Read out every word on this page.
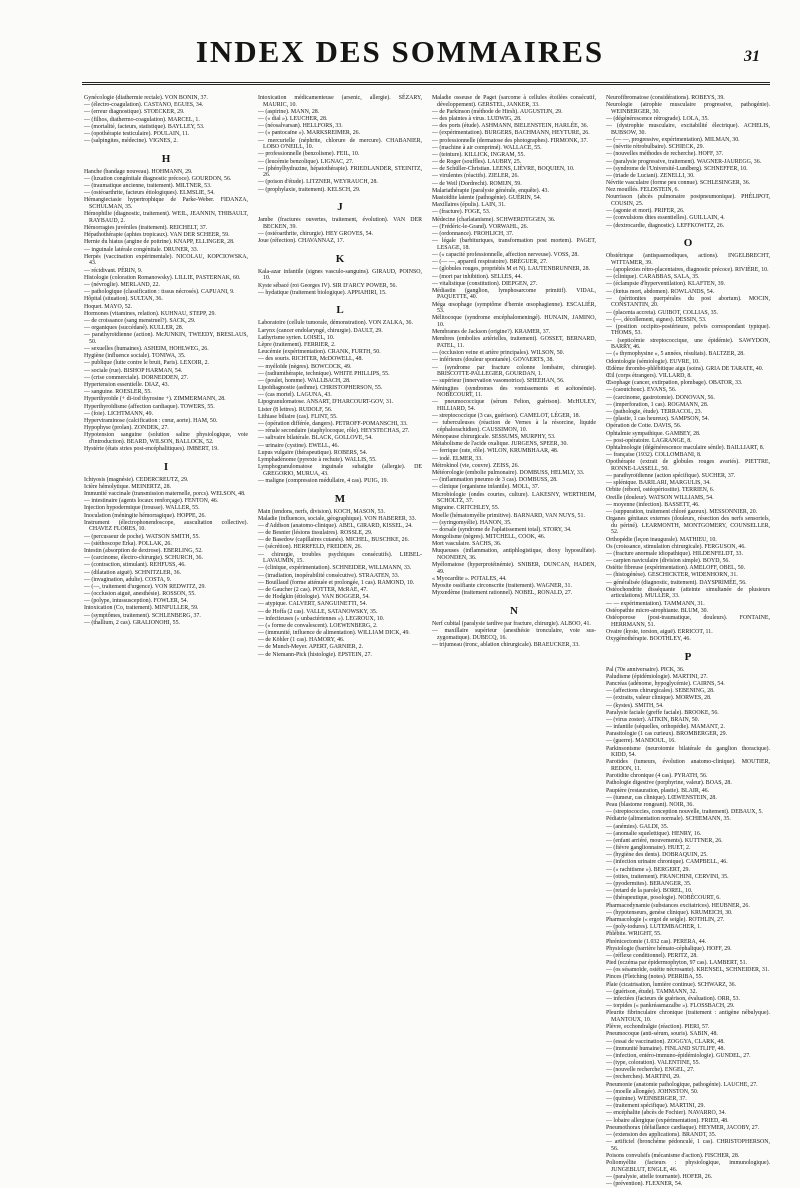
INDEX DES SOMMAIRES	31
Gynécologie (diathermie rectale). VON BONIN, 37.
— (électro-coagulation). CASTANO, EGUES, 34.
— (erreur diagnostique). STOECKER, 29.
— (filhos, diathermo-coagulation). MARCEL, 1.
— (mortalité, facteurs, statistique). BAYLLEY, 53.
— (opothérapie testiculaire). POULAIN, 11.
— (salpingites, médecine). VIGNES, 2.
H
Hanche (bandage nouveau). HOHMANN, 29.
— (luxation congénitale diagnostic précoce). GOURDON, 56.
— (traumatique ancienne, traitement). MILTNER, 53.
— (ostéoarthrite, facteurs étiologiques). ELMSLIE, 54.
Hémangiectasie hypertrophique de Parke-Weber. FIDANZA, SCHULMAN, 35.
Hémophilie (diagnostic, traitement). WEIL, JEANNIN, THIBAULT, RAYBAUD, 2.
Hémorragies juvéniles (traitement). REICHELT, 37.
Hépathothérapie (aphtes tropicaux). VAN DER SCHEER, 59.
Hernie du hiatus (angine de poitrine). KNAPP, ELLINGER, 28.
— inguinale latérale congénitale. DRUNER, 33.
Herpès (vaccination expérimentale). NICOLAU, KOPCIOWSKA, 43.
— récidivant. PÉRIN, 9.
Histologie (coloration Romanowsky). LILLIE, PASTERNAK, 60.
— (névroglie). MERLAND, 22.
— pathologique (classification : tissus nécrosés). CAPUANI, 9.
Hôpital (situation). SULTAN, 36.
Hoquet. MAYO, 52.
Hormones (vitamines, relation). KUHNAU, STEPP, 29.
— de croissance (sang menstruel?). SACK, 29.
— organiques (succédané). KULLER, 28.
— parathyroïdienne (action). McJUNKIN, TWEEDY, BRESLAUS, 50.
— sexuelles (humaines). ASHEIM, HOHLWEG, 26.
Hygiène (influence sociale). TONIWA, 35.
— publique (lutte contre le bruit, Paris). LEXOIR, 2.
— sociale (rue). BISHOP HARMAN, 54.
— (crise commerciale). DORNEDDEN, 27.
Hypertension essentielle. DIAZ, 43.
— sanguine. ROESLER, 55.
Hyperthyroïde (+ di-iod thyrosine +). ZIMMERMANN, 28.
Hyperthyroïdisme (affection cardiaque). TOWERS, 55.
— (foie). LICHTMANN, 49.
Hyperviraminose (calcification : cœur, aorte). HAM, 50.
Hypophyse (prolan). ZONDEK, 27.
Hypotension sanguine (solution saline physiologique, voie d'introduction). BEARD, WILSON, BALLOCK, 52.
Hystérie (états stries post-encéphalitiques). IMBERT, 19.
I
Ichtyosis (magnésie). CEDERCREUTZ, 29.
Ictère hémolytique. MEINERTZ, 28.
Immunité vaccinale (transmission maternelle, porcs). WELSON, 48.
— intestinaire (agents locaux renforçage). FENTON, 46.
Injection hypodermique (trousse). WALLER, 55.
Inoculation (méningite hémorragique). HOPPE, 26.
Instrument (électrophonendoscope, auscultation collective). CHAVEZ FLORES, 10.
— (percusseur de poche). WATSON SMITH, 55.
— (stéthoscope Erka). POLLAK, 26.
Intestin (absorption de dextrose). EBERLING, 52.
— (carcinome, électro-chirurgie). SCHURCH, 36.
— (contraction, stimulant). REHFUSS, 46.
— (dilatation aiguë). SCHNITZLER, 36.
— (invagination, adulte). COSTA, 9.
— (—, traitement d'urgence). VON REDWITZ, 29.
— (occlusion aiguë, anesthésie). ROSSON, 55.
— (polype, intussusception). FOWLER, 54.
Intoxication (Co, traitement). MINFULLER, 59.
— (symptômes, traitement). SCHLENBERG, 37.
— (thallium, 2 cas). GRALIONOHI, 55.
Intoxication médicamenteuse (arsenic, allergie). SÉZARY, MAURIC, 10.
— (aspirine). MANN, 28.
— (« dial »). LEUCHER, 28.
— (néosalvarsan). HELLFORS, 33.
— (« pantocaïne »). MARKSREIMER, 26.
— mercurielle (néphrite, chlorure de mercure). CHABANIER, LOBO O'NEILL, 10.
— professionnelle (benzolisme). FEIL, 10.
— (leucémie benzolique). LIGNAC, 27.
— (phénylhydrazine, hépatothérapie). FRIEDLANDER, STEINITZ, 26.
— (poison d'étude). LITZNER, WEYRAUCH, 28.
— (prophylaxie, traitement). KELSCH, 29.
J
Jambe (fractures ouvertes, traitement, évolution). VAN DER BECKEN, 39.
— (ostéoarthrite, chirurgie). HEY GROVES, 54.
Joue (réfection). CHAVANNAZ, 17.
K
Kala-azar infantile (signes vasculo-sanguins). GIRAUD, POINSO, 10.
Kyste sébacé (roi Georges IV). SIR D'ARCY POWER, 56.
— hydatique (traitement biologique). APPIAHIRI, 15.
L
Laboratoire (cellule tumorale, démonstration). VON ZALKA, 36.
Larynx (cancer endolaryngé, chirurgie). DAULT, 29.
Lathyrisme syrien. LOISEL, 10.
Lèpre (traitement). FERRIER, 2.
Leucémie (expérimentation). CRANK, FURTH, 50.
— des souris. RICHTER, McDOWELL, 48.
— myéloïde (nègres). BOWCOCK, 49.
— (radiumthérapie, technique). WHITE PHILLIPS, 55.
— (poulet, homme). WALLBACH, 28.
Lipoïdiagnostie (asthme). CHRISTOPHERSON, 55.
— (cas mortel). LAGUNA, 43.
Lipogranulomatose. ANSART, D'HARCOURT-GOV, 31.
Lister (8 lettres). RUDOLF, 56.
Lithiase biliaire (cas). FLINT, 55.
— (opération différée, dangers). PETROFF-POMANSCHI, 33.
— rénale secondaire (staphylocoque, rôle). HEYSTECHAS, 27.
— salivaire bilatérale. BLACK, GOLLOVE, 54.
— urinaire (cystine). EWELL, 46.
Lupus vulgaire (thérapeutique). ROBERS, 54.
Lymphadénome (pyrexie à rechute). WALLIS, 55.
Lymphogranulomatose inguinale subaigüe (allergie). DE GREGORIO, MURUA, 43.
— maligne (compression médullaire, 4 cas). PUIG, 19.
M
Main (tendons, nerfs, division). KOCH, MASON, 53.
Maladie (influences, sociale, géographique). VON HABERER, 33.
— d'Addison (anatomo-clinique). ABEL, GIRARD, KISSEL, 24.
— de Besnier (lésions tissulaires). ROSSLE, 29.
— de Basedow (capillaires cutanés). MICHEL, BUSCHKE, 26.
— (sécrétion). HERRFELD, FREIDEN, 26.
— chirurgie, troubles psychiques consécutifs). LIEBEL-LAVAUMIN, 15.
— (clinique, expérimentation). SCHNEIDER, WILLMANN, 33.
— (irradiation, inopérabilité consécutive). STRAATEN, 33.
— Bouillaud (forme atténuée et prolongée, 1 cas). RAMOND, 10.
— de Gaucher (2 cas). POTTER, McRAE, 47.
— de Hodgkin (étiologie). VAN BOGGER, 54.
— atypique. CALVERT, SANGUINETTI, 54.
— de Hoffa (2 cas). VALLE, SATANOWSKY, 35.
— infectieuses (« unbactériennes »). LEGROUX, 10.
— (« forme de convalescent). LOEWENBERG, 2.
— (immunité, influence de alimentation). WILLIAM DICK, 49.
— de Köhler (1 cas). HAMORY, 46.
— de Munch-Meyer. APERT, GARNIER, 2.
— de Niemann-Pick (histologie). EPSTEIN, 27.
Maladie osseuse de Paget (sarcome à cellules étoilées consécutif, développement). GERSTEL, JANKER, 33.
— de Parkinson (méthode de Hirsh). AUGUSTIJN, 29.
— des plaintes à virus. LUDWIG, 28.
— des ports (étude). ASHMANN, BIELENSTEIN, HARLÉE, 36.
— (expérimentation). BURGERS, BACHMANN, HEYTURE, 26.
— professionnelle (dermatose des photographes). FIRMONK, 37.
— (machine à air comprimé). WALLACE, 55.
— (teinture). KILLICK, INGRAM, 55.
— de Roger (souffles). LAUBRY, 25.
— de Schüller-Christian. LEENS, LIÈVRE, BOQUIEN, 10.
— virulentes (réactifs). ZIELER, 26.
— de Weil (Dordrecht). ROMIJN, 59.
Malariathérapie (paralysie générale, enquête). 43.
Mastoïdite latente (pathogénie). GUÉRIN, 54.
Maxillaires (épulis). LAIN, 31.
— (fracture). FOGE, 53.
Médecine (charlatanisme). SCHWERDTGGEN, 36.
— (Frédéric-le-Grand). VORWAHL, 26.
— (ordonnance). FROHLICH, 37.
— légale (barbituriques, transformation post mortem). PAGET, LESAGE, 18.
— (« capacité professionnelle, affection nerveuse). VOSS, 28.
— (— —, appareil respiratoire). BRÉGUER, 27.
— (globules rouges, propriétés M et N). LAUTENBRUNNER, 28.
— (mort par inhibition). SELLES, 44.
— vitalistique (constitution). DIEPGEN, 27.
Médiastin (ganglion, lymphosarcome primitif). VIDAL, PAQUETTE, 40.
Méga œsophage (symptôme d'hernie œsophagienne). ESCALIÉR, 53.
Mélitocoque (syndrome encéphalomeningé). HUNAIN, JAMINO, 10.
Membranes de Jackson (origine?). KRAMER, 37.
Membres (embolies artérielles, traitement). GOSSET, BERNARD, PATEL, 11.
— (occlusion veine et artère principales). WILSON, 50.
— inférieurs (douleur spontanée). GOVAERTS, 38.
— (syndrome par fracture colonne lombaire, chirurgie). BRISCOTTE-PALLEGIER, GOURDAN, 1.
— supérieur (innervation vasomotrice). SHEEHAN, 56.
Méningites (syndromes des vomissements et acétonémie). NOBÉCOURT, 11.
— pneumococcique (sérum Felton, guérison). McHULEY, HILLIARD, 54.
— streptococcique (3 cas, guérison). CAMELOT, LÉGER, 18.
— tuberculeuses (réaction de Vernes à la résorcine, liquide céphalorachidien). CAUSSIMON, 10.
Ménopause chirurgicale. SESSUMS, MURPHY, 53.
Métabolisme de l'acide oxalique. JURGENS, SPEER, 30.
— ferrique (rate, rôle). WILON, KRUMBHAAR, 48.
— iodé. ELMER, 33.
Métrokinol (vie, couvre). ZEISS, 26.
Météorologie (embolie pulmonaire). DOMBUSS, HELMLY, 33.
— (inflammation pneumo de 3 cas). DOMBUSS, 28.
— clinique (organisme infantile). MOLL, 37.
Microbiologie (ondes courtes, culture). LAKESNY, WERTHEIM, SCHOLTZ, 37.
Migraine. CRITCHLEY, 55.
Moelle (hématomyélie primitive). BARNARD, VAN NUYS, 51.
— (syringomyélie). HANON, 35.
— dorsale (syndrome de l'aplatissement total). STORY, 34.
Mongolisme (nègres). MITCHELL, COOK, 46.
Mort vasculaire. SACHS, 36.
Muqueuses (inflammation, antiphlogistique, dioxy hyposulfate). NOONDEN, 36.
Myélomatose (hyperprotéinémie). SNIBER, DUNCAN, HADEN, 49.
« Myocardite ». POTALES, 44.
Myosite ossifiante circonscrite (traitement). WAGNER, 31.
Myxœdème (traitement rationnel). NOBEL, RONALD, 27.
N
Nerf cubital (paralysie tardive par fracture, chirurgie). ALBOO, 41.
— maxillaire supérieur (anesthésie tronculaire, voie sus-zygomatique). DUBECQ, 16.
— trijumeau (tronc, ablation chirurgicale). BRAEUCKER, 33.
Neurofibromatose (considérations). ROBEYS, 39.
Neurologie (atrophie musculaire progressive, pathogénie). WEINBERGER, 30.
— (dégénérescence rétrograde). LOLA, 35.
— (dystrophie musculaire, excitabilité électrique). ACHELIS, BUBSOW, 30.
— (— —, progressive, expérimentation). MILMAN, 30.
— (névrite rétrobulbaire). SCHIECK, 29.
— (nouvelles méthodes de recherche). HOFF, 37.
— (paralysie progressive, traitement). WAGNER-JAUREGG, 36.
— (syndrome de l'Université-Lundberg). SCHNEFFER, 10.
— (triade de Luciani). ZENELLI, 30.
Névrite vasculaire (forme peu connue). SCHLESINGER, 36.
Nez mouillés. FELDSTEIN, 6.
Nourrisson (abcès pulmonaire postpneumonique). PHÉLIPOT, COUSIN, 25.
— (agonie et mort). PRIFER, 26.
— (convulsions dites essentielles). GUILLAIN, 4.
— (dextrocardie, diagnostic). LEFFKOWITZ, 26.
O
Obstétrique (antispasmodiques, actions). INGELBRECHT, WITTAMER, 39.
— (apoplexies rétro-placentaires, diagnostic précoce). RIVIÈRE, 10.
— (clinique). CARABBAS, SALA, 35.
— (éclampsie d'hyperventilation). KLAFTEN, 39.
— (fœtus mort, abdomen). ROWLANDS, 54.
— (péritonites puerpérales du post abortum). MOCIN, CONSTANTIN, 20.
— (placenta accreta). GUIBOT, COLLIAS, 35.
— (—, décollement, signes). DESSIN, 53.
— (position occipito-postérieure, pelvis correspondant typique). THOMS, 53.
— (septicémie streptococcique, une épidémie). SAWYDON, BARRY, 46.
— (« thymophysine », 5 années, résultats). BALTZER, 28.
Odontologie (sémiologie). EUVRE, 10.
Œdème thrombo-phlébitique aigu (soins). GRIA DE TARATE, 40.
Œil (corps étrangers). VILLARD, 8.
Œsophage (cancer, extirpation, plombage). OBATOR, 33.
— (caoutchouc). EVANS, 56.
— (carcinome, gastrotomie). DONOVAN, 56.
— (imperforation, 1 cas). ROGMANN, 28.
— (pathologie, étude). TERRACOL, 23.
— (plastie, 1 cas heureux). SAMPSON, 54.
Opération de Cotte. DAVIS, 56.
Ophtalmie sympathique. GAMBEY, 28.
— post-opératoire. LAGRANGE, 8.
Ophtalmologie (dégénérescence maculaire sénile). BAILLIART, 8.
— française (1932). COLLOMBANI, 8.
Opothérapie (extrait de globules rouges avariés). PIETTRE, RONNE-LASSELL, 50.
— parathyroïdienne (action spécifique). SUCHER, 37.
— splénique. BARILARI, MARGULIS, 34.
Orbite (rébord, ostéopériostite). TERRIEN, 6.
Oreille (douleur). WATSON WILLIAMS, 54.
— moyenne (infection). BASSETT, 46.
— (suppuration, traitement chloré gazeux). MESSONNIER, 20.
Organes génitaux externes (douleurs, résection des nerfs sensoriels, du périné). LEARMONTH, MONTGOMERY, COUNSELLER, 52.
Orthopédie (leçon inaugurale). MATHIEU, 10.
Os (croissance, stimulation chirurgicale). FERGUSON, 46.
— (fracture anormale idiopathique). HILDENFELDT, 33.
— carpien naviculaire (division simple). BOYD, 56.
Ostéite fibreuse (expérimentation). AMELOFF, OBEL, 50.
— (histogénèse). GESCHICKTER, WIDENHORN, 31.
— généralisée (diagnostic, traitement). DAYSPRIMÉE, 56.
Ostéochondrite disséquante (atteinte simultanée de plusieurs articulations). MULLER, 33.
— — expérimentation). TAMMANN, 31.
Ostéopathie micro-atrophiante. BLUM, 30.
Ostéoporose (post-traumatique, douleurs). FONTAINE, HERRMANN, 51.
Ovaire (kyste, torsion, aiguë). ERRICOT, 11.
Oxygénothérapie. BOOTHLEY, 46.
P
Pal (70e anniversaire). PICK, 36.
Paludisme (épidémiologie). MARTINI, 27.
Pancréas (adénome, hypoglycémie). CAIRNS, 54.
— (affections chirurgicales). SEBENING, 28.
— (extraits, valeur clinique). MORWES, 28.
— (kystes). SMITH, 54.
Paralysie faciale (greffe faciale). BROOKE, 56.
— (virus zoster). AITKIN, BRAIN, 50.
— infantile (séquelles, orthopédie). MAMANT, 2.
Parasitologie (1 cas curieux). BROMBERGER, 29.
— (guerre). MANDOUL, 16.
Parkinsonisme (neurotomie bilatérale du ganglion thoracique). KIDD, 54.
Parotides (tumeurs, évolution anatomo-clinique). MOUTIER, REDON, 11.
Parotidite chronique (4 cas). PYRATH, 56.
Pathologie digestive (porphyrine, valeur). BOAS, 28.
Paupière (restauration, plastie). BLAIR, 46.
— (tumeur, cas clinique). LŒWENSTEIN, 28.
Peau (blastome rongeant). NOIR, 36.
— (streptococcies, conception nouvelle, traitement). DEBAUX, 5.
Pédiatrie (alimentation normale). SCHIEMANN, 35.
— (anémies). GALDI, 35.
— (anomalie squelettique). HENRY, 16.
— (enfant arriéré, mouvements). KUTTNER, 26.
— (fièvre ganglionnaire). HUET, 2.
— (hygiène des dents). DOBRAQUIN, 25.
— (infection urinaire chronique). CAMPBELL, 46.
— (« rachitisme »). BERGERT, 29.
— (otites, traitement). FRANCHINI, CERVINI, 35.
— (pyodermites). BERANGER, 35.
— (retard de la parole). BOREL, 10.
— (thérapeutique, posologie). NOBÉCOURT, 6.
Pharmacodynamie (substances excitatrices). HEUBNER, 26.
— (hypotenseurs, genèse clinique). KRUMEICH, 30.
Pharmacologie (« ergot de seigle). ROTHLIN, 27.
— (poly-iodures). LUTEMBACHER, 1.
Phlébite. WRIGHT, 55.
Phrénicectomie (1.032 cas). PERERA, 44.
Physiologie (barrière hémato-céphalique). HOFF, 29.
— (réflexe conditionnel). PERITZ, 28.
Pied (eczéma par épidermophyton, 97 cas). LAMBERT, 51.
— (os sésamoïde, ostéite nécrosante). KRENSEL, SCHNEIDER, 31.
Pinces (Fletching (notes). PERRIBA, 55.
Plaie (cicatrisation, lumière continue). SCHWARZ, 36.
— (guérison, étude). TAMMANN, 32.
— infectées (facteurs de guérison, évaluation). ORR, 53.
— torpides (« pankréasmazalbe »). FLOSSBACH, 29.
Pleurite fibrinculaire chronique (traitement : antigène nébulyque). MANTOUX, 10.
Plèvre, ecchondralgie (réaction). PIERI, 57.
Pneumocoque (anti-sérum, souris). SABIN, 48.
— (essai de vaccination). ZOGGYA, CLARK, 48.
— (immunité humaine). FINLAND SUTLIFF, 48.
— (infection, entéro-immuno-épidémiologie). GUNDEL, 27.
— (type, coloration). VALENTINE, 55.
— (nouvelle recherche). ENGEL, 27.
— (recherches). MARTINI, 29.
Pneumonie (anatomie pathologique, pathogénie). LAUCHE, 27.
— (moelle allongée). JOHNSTON, 50.
— (quinine). WEINBERGER, 37.
— (traitement spécifique). MARTINI, 29.
— encéphalite (abcès de Fochier). NAVARRO, 34.
— lobaire allergique (expérimentation). FRIED, 48.
Pneumothorax (défaillance cardiaque). HEYMER, JACOBY, 27.
— (extension des applications). BRANDT, 35.
— artificiel (bronchéme pédonculé, 1 cas). CHRISTOPHERSON, 56.
Poisons convulsifs (mécanisme d'action). FISCHER, 28.
Poliomyélite (facteurs : physiologique, immunologique). JUNGEBLUT, ENGLE, 46.
— (paralysie, attelle tournante). HOFER, 26.
— (prévention). FLEXNER, 54.
